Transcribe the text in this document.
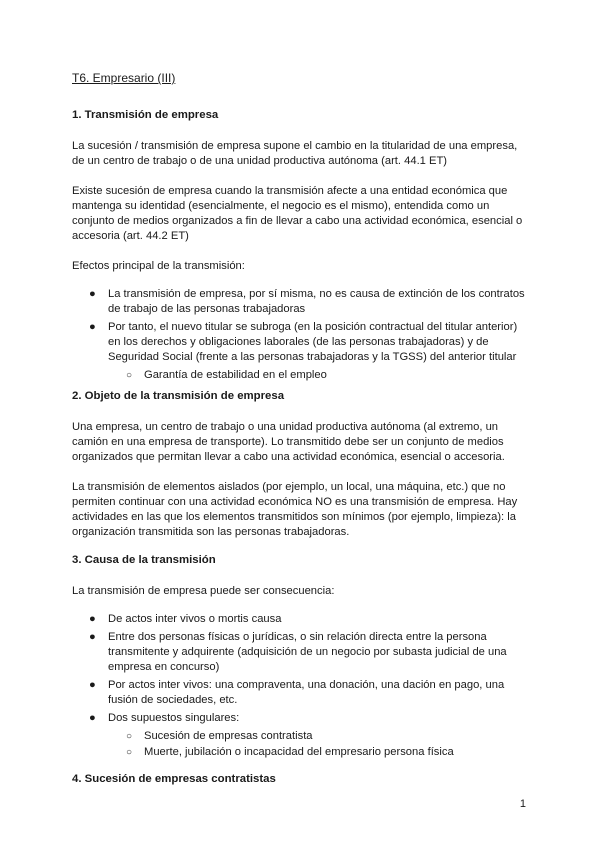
T6. Empresario (III)
1. Transmisión de empresa

La sucesión / transmisión de empresa supone el cambio en la titularidad de una empresa, de un centro de trabajo o de una unidad productiva autónoma (art. 44.1 ET)

Existe sucesión de empresa cuando la transmisión afecte a una entidad económica que mantenga su identidad (esencialmente, el negocio es el mismo), entendida como un conjunto de medios organizados a fin de llevar a cabo una actividad económica, esencial o accesoria (art. 44.2 ET)

Efectos principal de la transmisión:

● La transmisión de empresa, por sí misma, no es causa de extinción de los contratos de trabajo de las personas trabajadoras
● Por tanto, el nuevo titular se subroga (en la posición contractual del titular anterior) en los derechos y obligaciones laborales (de las personas trabajadoras) y de Seguridad Social (frente a las personas trabajadoras y la TGSS) del anterior titular
○ Garantía de estabilidad en el empleo
2. Objeto de la transmisión de empresa

Una empresa, un centro de trabajo o una unidad productiva autónoma (al extremo, un camión en una empresa de transporte). Lo transmitido debe ser un conjunto de medios organizados que permitan llevar a cabo una actividad económica, esencial o accesoria.

La transmisión de elementos aislados (por ejemplo, un local, una máquina, etc.) que no permiten continuar con una actividad económica NO es una transmisión de empresa. Hay actividades en las que los elementos transmitidos son mínimos (por ejemplo, limpieza): la organización transmitida son las personas trabajadoras.

3. Causa de la transmisión

La transmisión de empresa puede ser consecuencia:

● De actos inter vivos o mortis causa
● Entre dos personas físicas o jurídicas, o sin relación directa entre la persona transmitente y adquirente (adquisición de un negocio por subasta judicial de una empresa en concurso)
● Por actos inter vivos: una compraventa, una donación, una dación en pago, una fusión de sociedades, etc.
● Dos supuestos singulares:
○ Sucesión de empresas contratista
○ Muerte, jubilación o incapacidad del empresario persona física
4. Sucesión de empresas contratistas
1
